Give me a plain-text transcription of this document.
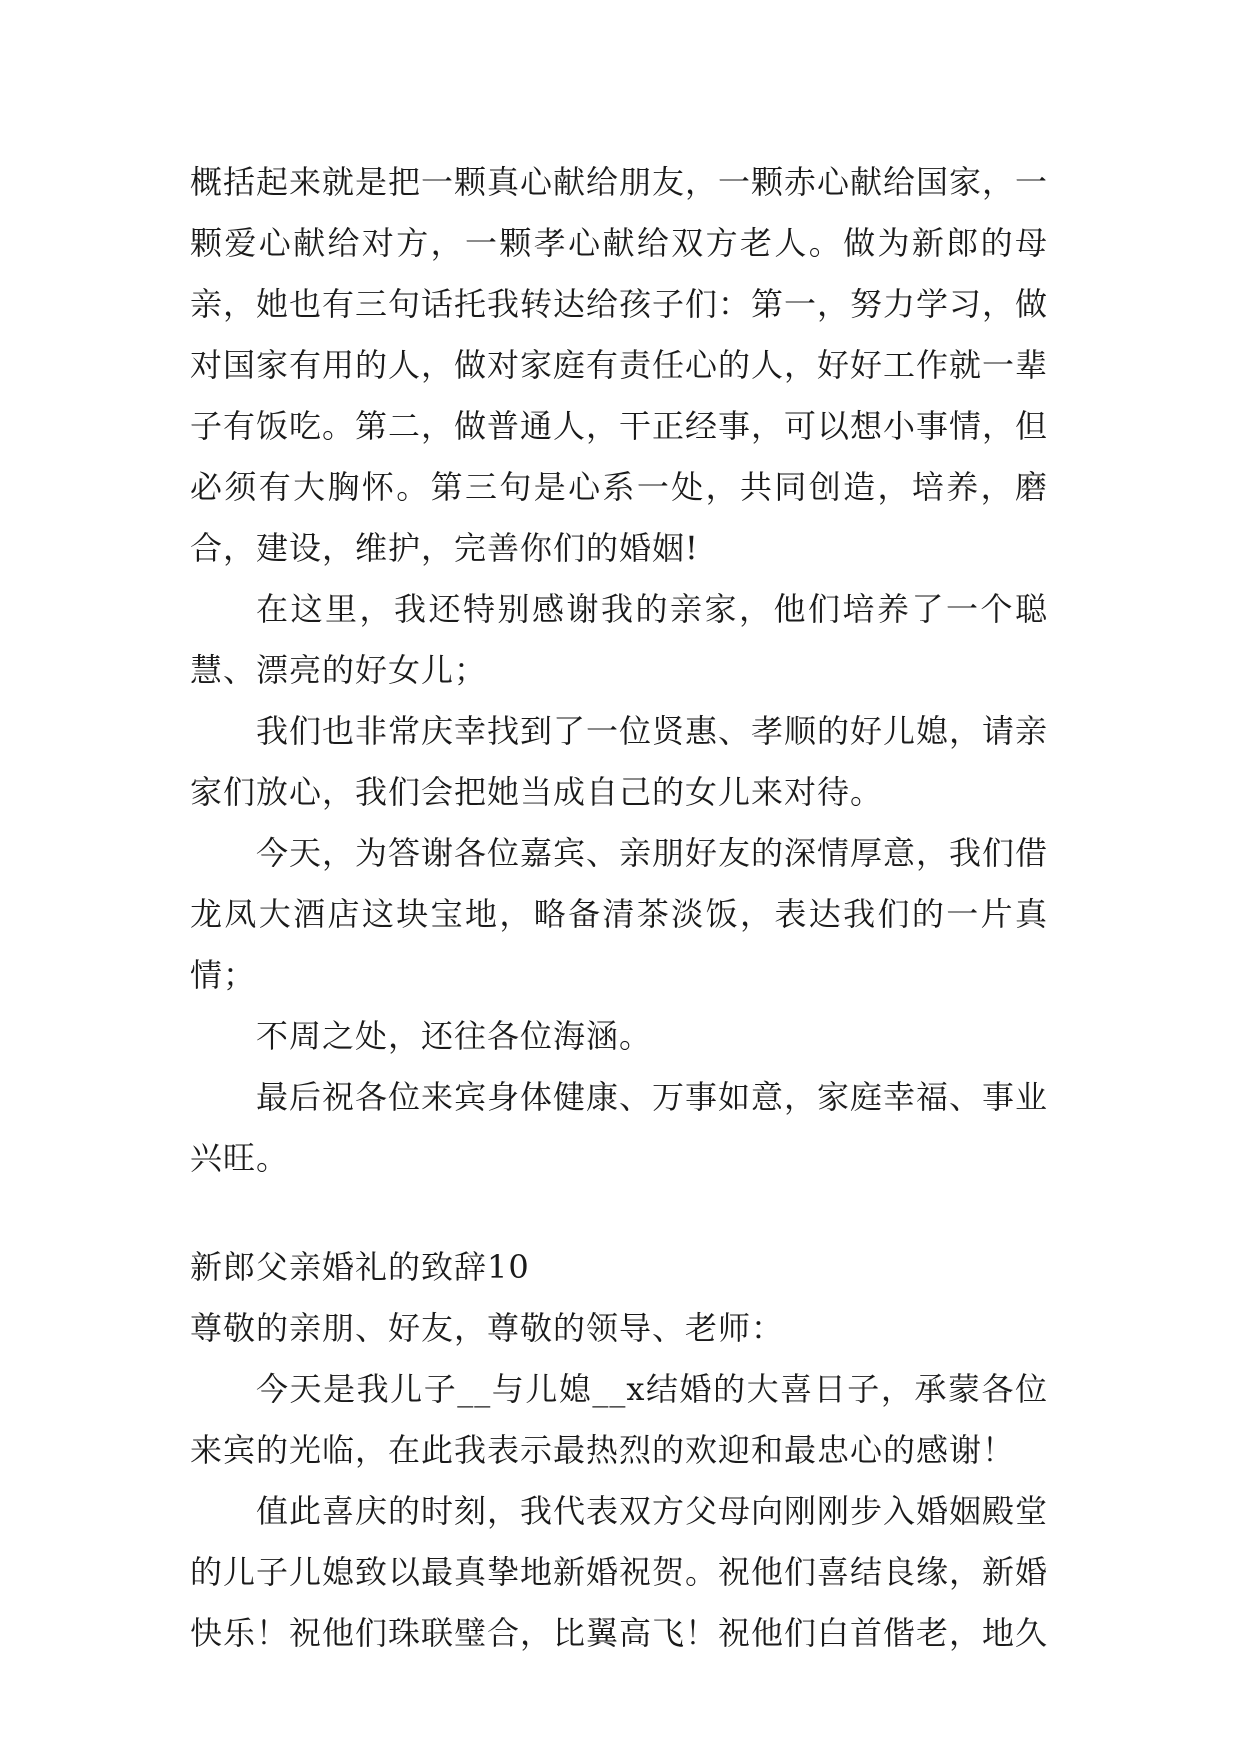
概括起来就是把一颗真心献给朋友，一颗赤心献给国家，一颗爱心献给对方，一颗孝心献给双方老人。做为新郎的母亲，她也有三句话托我转达给孩子们：第一，努力学习，做对国家有用的人，做对家庭有责任心的人，好好工作就一辈子有饭吃。第二，做普通人，干正经事，可以想小事情，但必须有大胸怀。第三句是心系一处，共同创造，培养，磨合，建设，维护，完善你们的婚姻!

在这里，我还特别感谢我的亲家，他们培养了一个聪慧、漂亮的好女儿；

我们也非常庆幸找到了一位贤惠、孝顺的好儿媳，请亲家们放心，我们会把她当成自己的女儿来对待。

今天，为答谢各位嘉宾、亲朋好友的深情厚意，我们借龙凤大酒店这块宝地，略备清茶淡饭，表达我们的一片真情；

不周之处，还往各位海涵。

最后祝各位来宾身体健康、万事如意，家庭幸福、事业兴旺。

新郎父亲婚礼的致辞10

尊敬的亲朋、好友，尊敬的领导、老师：

今天是我儿子__与儿媳__x结婚的大喜日子，承蒙各位来宾的光临，在此我表示最热烈的欢迎和最忠心的感谢！

值此喜庆的时刻，我代表双方父母向刚刚步入婚姻殿堂的儿子儿媳致以最真挚地新婚祝贺。祝他们喜结良缘，新婚快乐！祝他们珠联璧合，比翼高飞！祝他们白首偕老，地久
